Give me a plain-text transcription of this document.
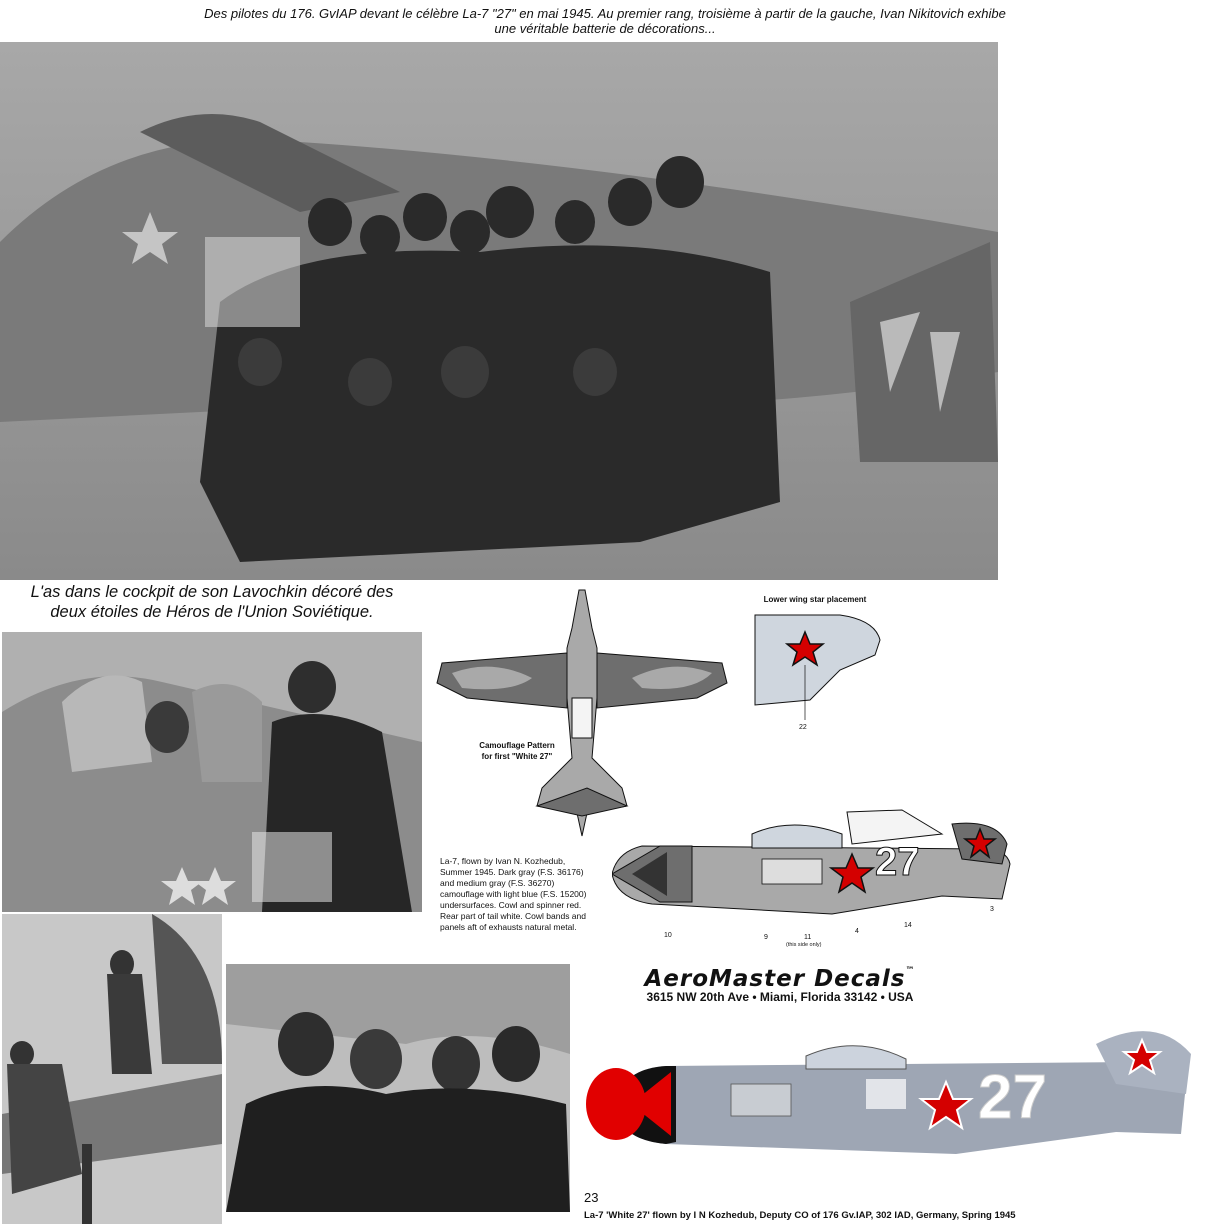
Des pilotes du 176. GvIAP devant le célèbre La-7 "27" en mai 1945. Au premier rang, troisième à partir de la gauche, Ivan Nikitovich exhibe
une véritable batterie de décorations...
L'as dans le cockpit de son Lavochkin décoré des
deux étoiles de Héros de l'Union Soviétique.
Camouflage Pattern
for first "White 27"
Lower wing star placement
22
27
10	9	11
(this side only)
4
14
3
La-7, flown by Ivan N. Kozhedub,
Summer 1945. Dark gray (F.S. 36176)
and medium gray (F.S. 36270)
camouflage with light blue (F.S. 15200)
undersurfaces. Cowl and spinner red.
Rear part of tail white. Cowl bands and
panels aft of exhausts natural metal.
AeroMaster Decals™
3615 NW 20th Ave • Miami, Florida 33142 • USA
27
23
La-7 'White 27' flown by I N Kozhedub, Deputy CO of 176 Gv.IAP, 302 IAD, Germany, Spring 1945
